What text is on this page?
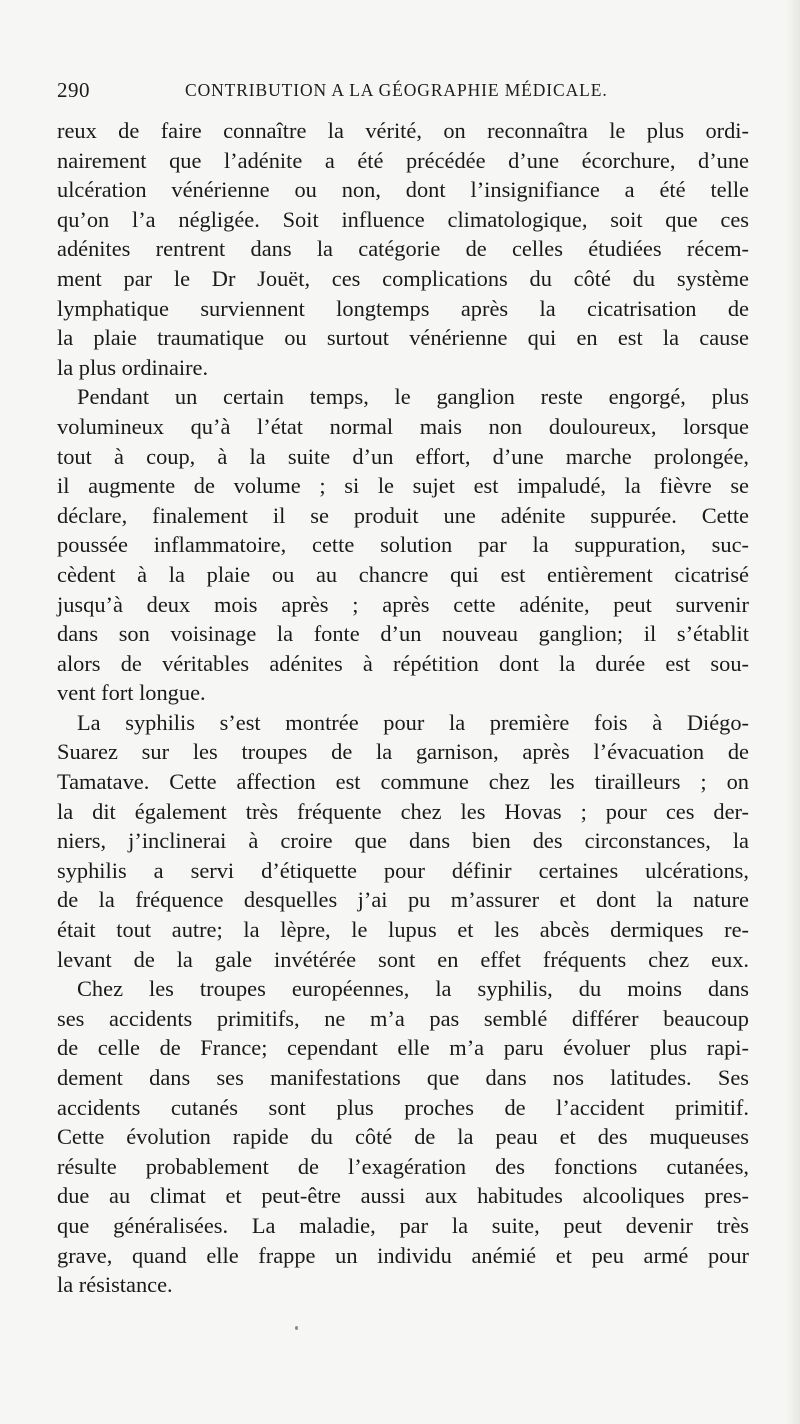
290	CONTRIBUTION A LA GÉOGRAPHIE MÉDICALE.
reux de faire connaître la vérité, on reconnaîtra le plus ordi-
nairement que l’adénite a été précédée d’une écorchure, d’une
ulcération vénérienne ou non, dont l’insignifiance a été telle
qu’on l’a négligée. Soit influence climatologique, soit que ces
adénites rentrent dans la catégorie de celles étudiées récem-
ment par le Dr Jouët, ces complications du côté du système
lymphatique surviennent longtemps après la cicatrisation de
la plaie traumatique ou surtout vénérienne qui en est la cause
la plus ordinaire.
Pendant un certain temps, le ganglion reste engorgé, plus
volumineux qu’à l’état normal mais non douloureux, lorsque
tout à coup, à la suite d’un effort, d’une marche prolongée,
il augmente de volume ; si le sujet est impaludé, la fièvre se
déclare, finalement il se produit une adénite suppurée. Cette
poussée inflammatoire, cette solution par la suppuration, suc-
cèdent à la plaie ou au chancre qui est entièrement cicatrisé
jusqu’à deux mois après ; après cette adénite, peut survenir
dans son voisinage la fonte d’un nouveau ganglion; il s’établit
alors de véritables adénites à répétition dont la durée est sou-
vent fort longue.
La syphilis s’est montrée pour la première fois à Diégo-
Suarez sur les troupes de la garnison, après l’évacuation de
Tamatave. Cette affection est commune chez les tirailleurs ; on
la dit également très fréquente chez les Hovas ; pour ces der-
niers, j’inclinerai à croire que dans bien des circonstances, la
syphilis a servi d’étiquette pour définir certaines ulcérations,
de la fréquence desquelles j’ai pu m’assurer et dont la nature
était tout autre; la lèpre, le lupus et les abcès dermiques re-
levant de la gale invétérée sont en effet fréquents chez eux.
Chez les troupes européennes, la syphilis, du moins dans
ses accidents primitifs, ne m’a pas semblé différer beaucoup
de celle de France; cependant elle m’a paru évoluer plus rapi-
dement dans ses manifestations que dans nos latitudes. Ses
accidents cutanés sont plus proches de l’accident primitif.
Cette évolution rapide du côté de la peau et des muqueuses
résulte probablement de l’exagération des fonctions cutanées,
due au climat et peut-être aussi aux habitudes alcooliques pres-
que généralisées. La maladie, par la suite, peut devenir très
grave, quand elle frappe un individu anémié et peu armé pour
la résistance.
